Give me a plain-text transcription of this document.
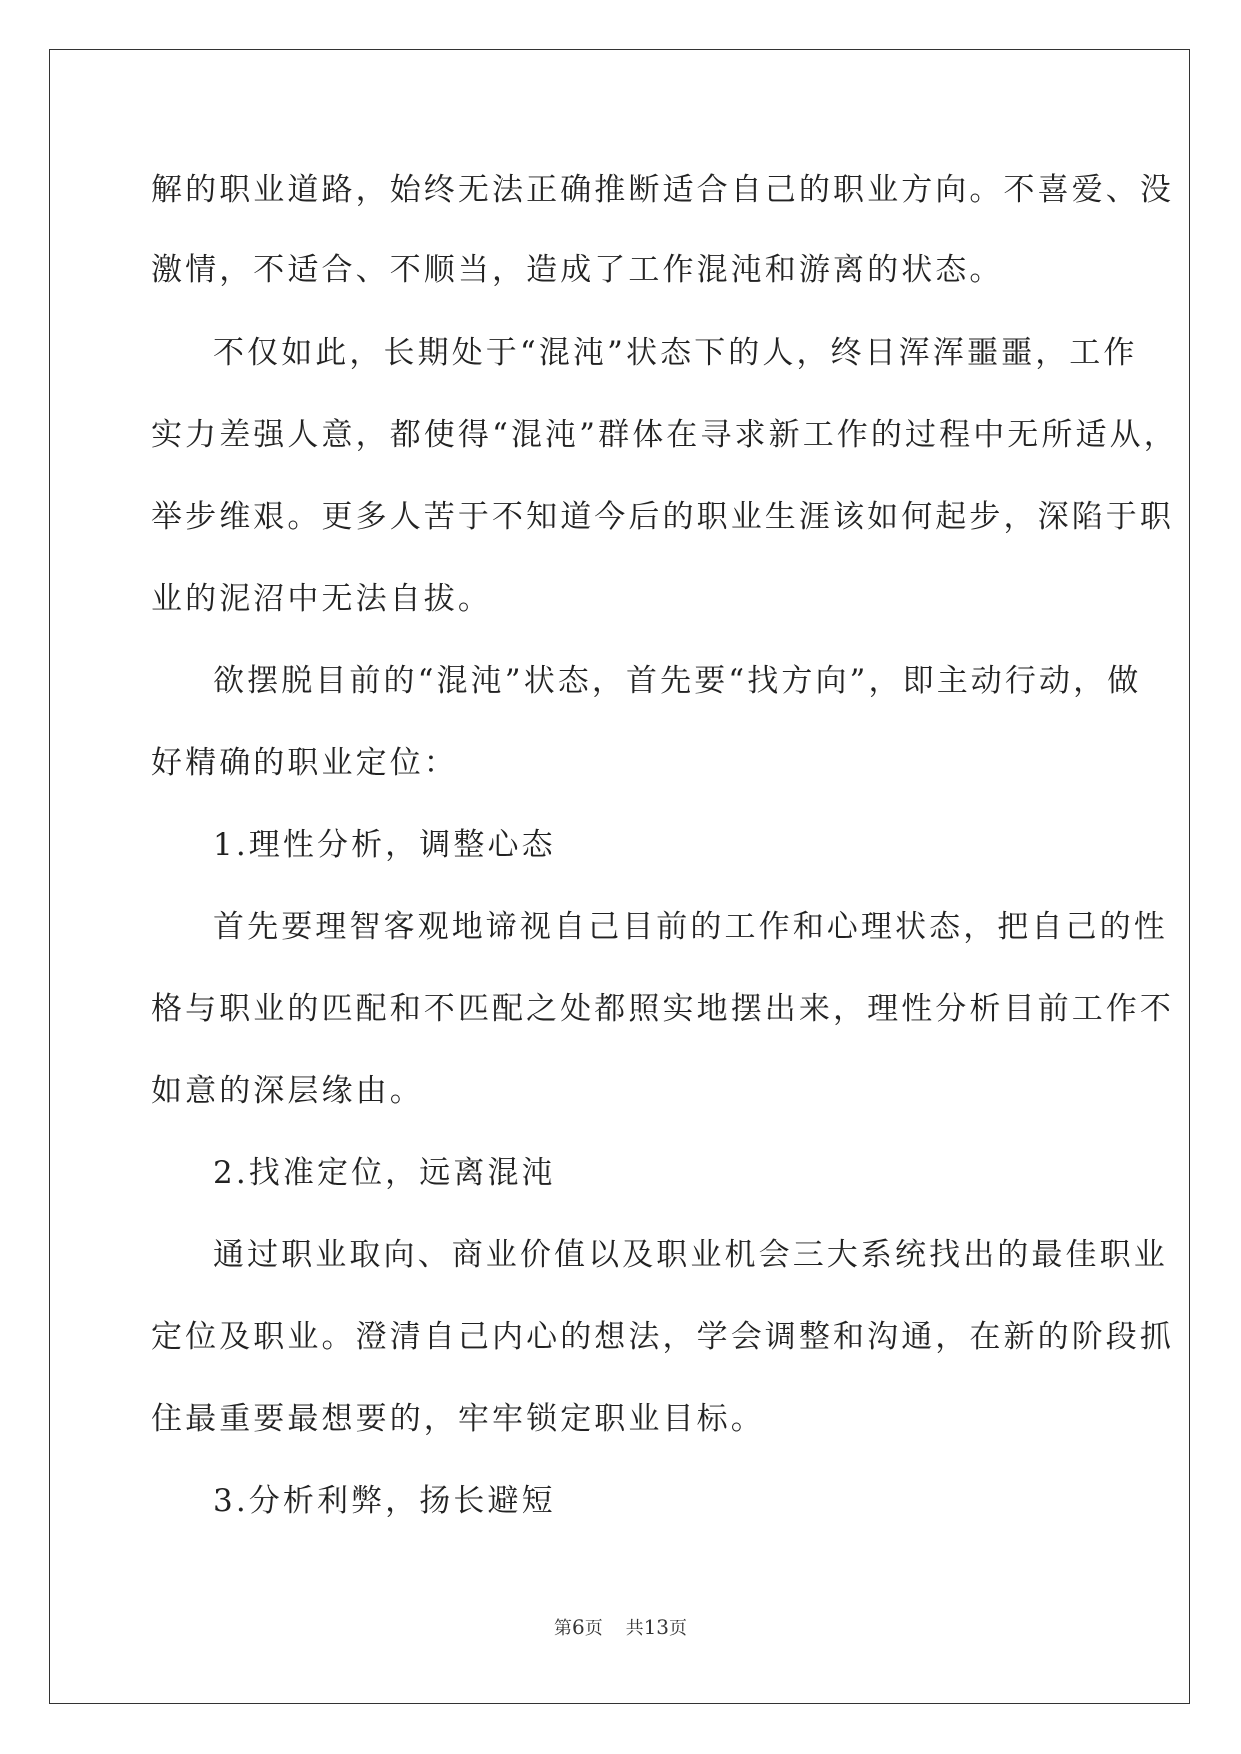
解的职业道路，始终无法正确推断适合自己的职业方向。不喜爱、没
激情，不适合、不顺当，造成了工作混沌和游离的状态。
不仅如此，长期处于“混沌”状态下的人，终日浑浑噩噩，工作
实力差强人意，都使得“混沌”群体在寻求新工作的过程中无所适从，
举步维艰。更多人苦于不知道今后的职业生涯该如何起步，深陷于职
业的泥沼中无法自拔。
欲摆脱目前的“混沌”状态，首先要“找方向”，即主动行动，做
好精确的职业定位：
1.理性分析，调整心态
首先要理智客观地谛视自己目前的工作和心理状态，把自己的性
格与职业的匹配和不匹配之处都照实地摆出来，理性分析目前工作不
如意的深层缘由。
2.找准定位，远离混沌
通过职业取向、商业价值以及职业机会三大系统找出的最佳职业
定位及职业。澄清自己内心的想法，学会调整和沟通，在新的阶段抓
住最重要最想要的，牢牢锁定职业目标。
3.分析利弊，扬长避短
第6页 共13页
